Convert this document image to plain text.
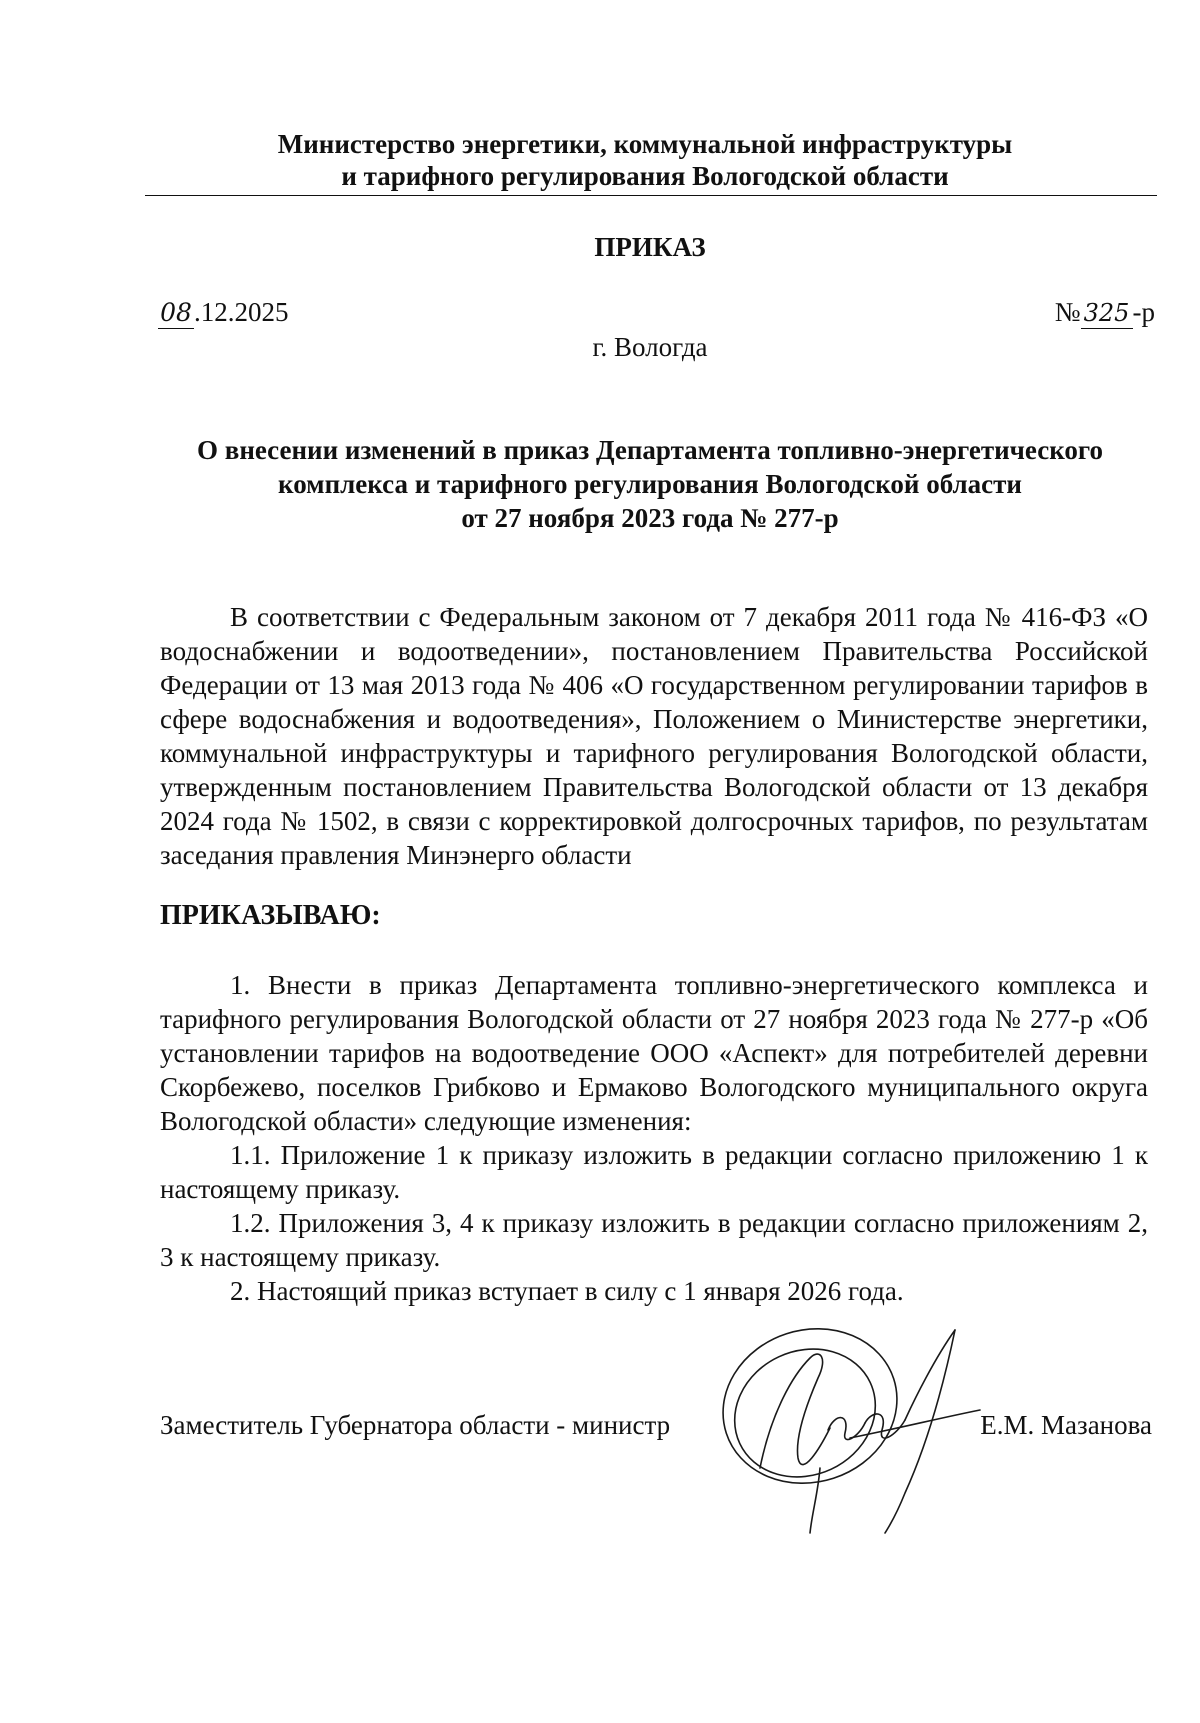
Министерство энергетики, коммунальной инфраструктуры
и тарифного регулирования Вологодской области
ПРИКАЗ
08.12.2025	№ 325 -р
г. Вологда
О внесении изменений в приказ Департамента топливно-энергетического
комплекса и тарифного регулирования Вологодской области
от 27 ноября 2023 года № 277-р
В соответствии с Федеральным законом от 7 декабря 2011 года № 416-ФЗ «О водоснабжении и водоотведении», постановлением Правительства Российской Федерации от 13 мая 2013 года № 406 «О государственном регулировании тарифов в сфере водоснабжения и водоотведения», Положением о Министерстве энергетики, коммунальной инфраструктуры и тарифного регулирования Вологодской области, утвержденным постановлением Правительства Вологодской области от 13 декабря 2024 года № 1502, в связи с корректировкой долгосрочных тарифов, по результатам заседания правления Минэнерго области
ПРИКАЗЫВАЮ:
1. Внести в приказ Департамента топливно-энергетического комплекса и тарифного регулирования Вологодской области от 27 ноября 2023 года № 277-р «Об установлении тарифов на водоотведение ООО «Аспект» для потребителей деревни Скорбежево, поселков Грибково и Ермаково Вологодского муниципального округа Вологодской области» следующие изменения:
1.1. Приложение 1 к приказу изложить в редакции согласно приложению 1 к настоящему приказу.
1.2. Приложения 3, 4 к приказу изложить в редакции согласно приложениям 2, 3 к настоящему приказу.
2. Настоящий приказ вступает в силу с 1 января 2026 года.
Заместитель Губернатора области - министр	Е.М. Мазанова
